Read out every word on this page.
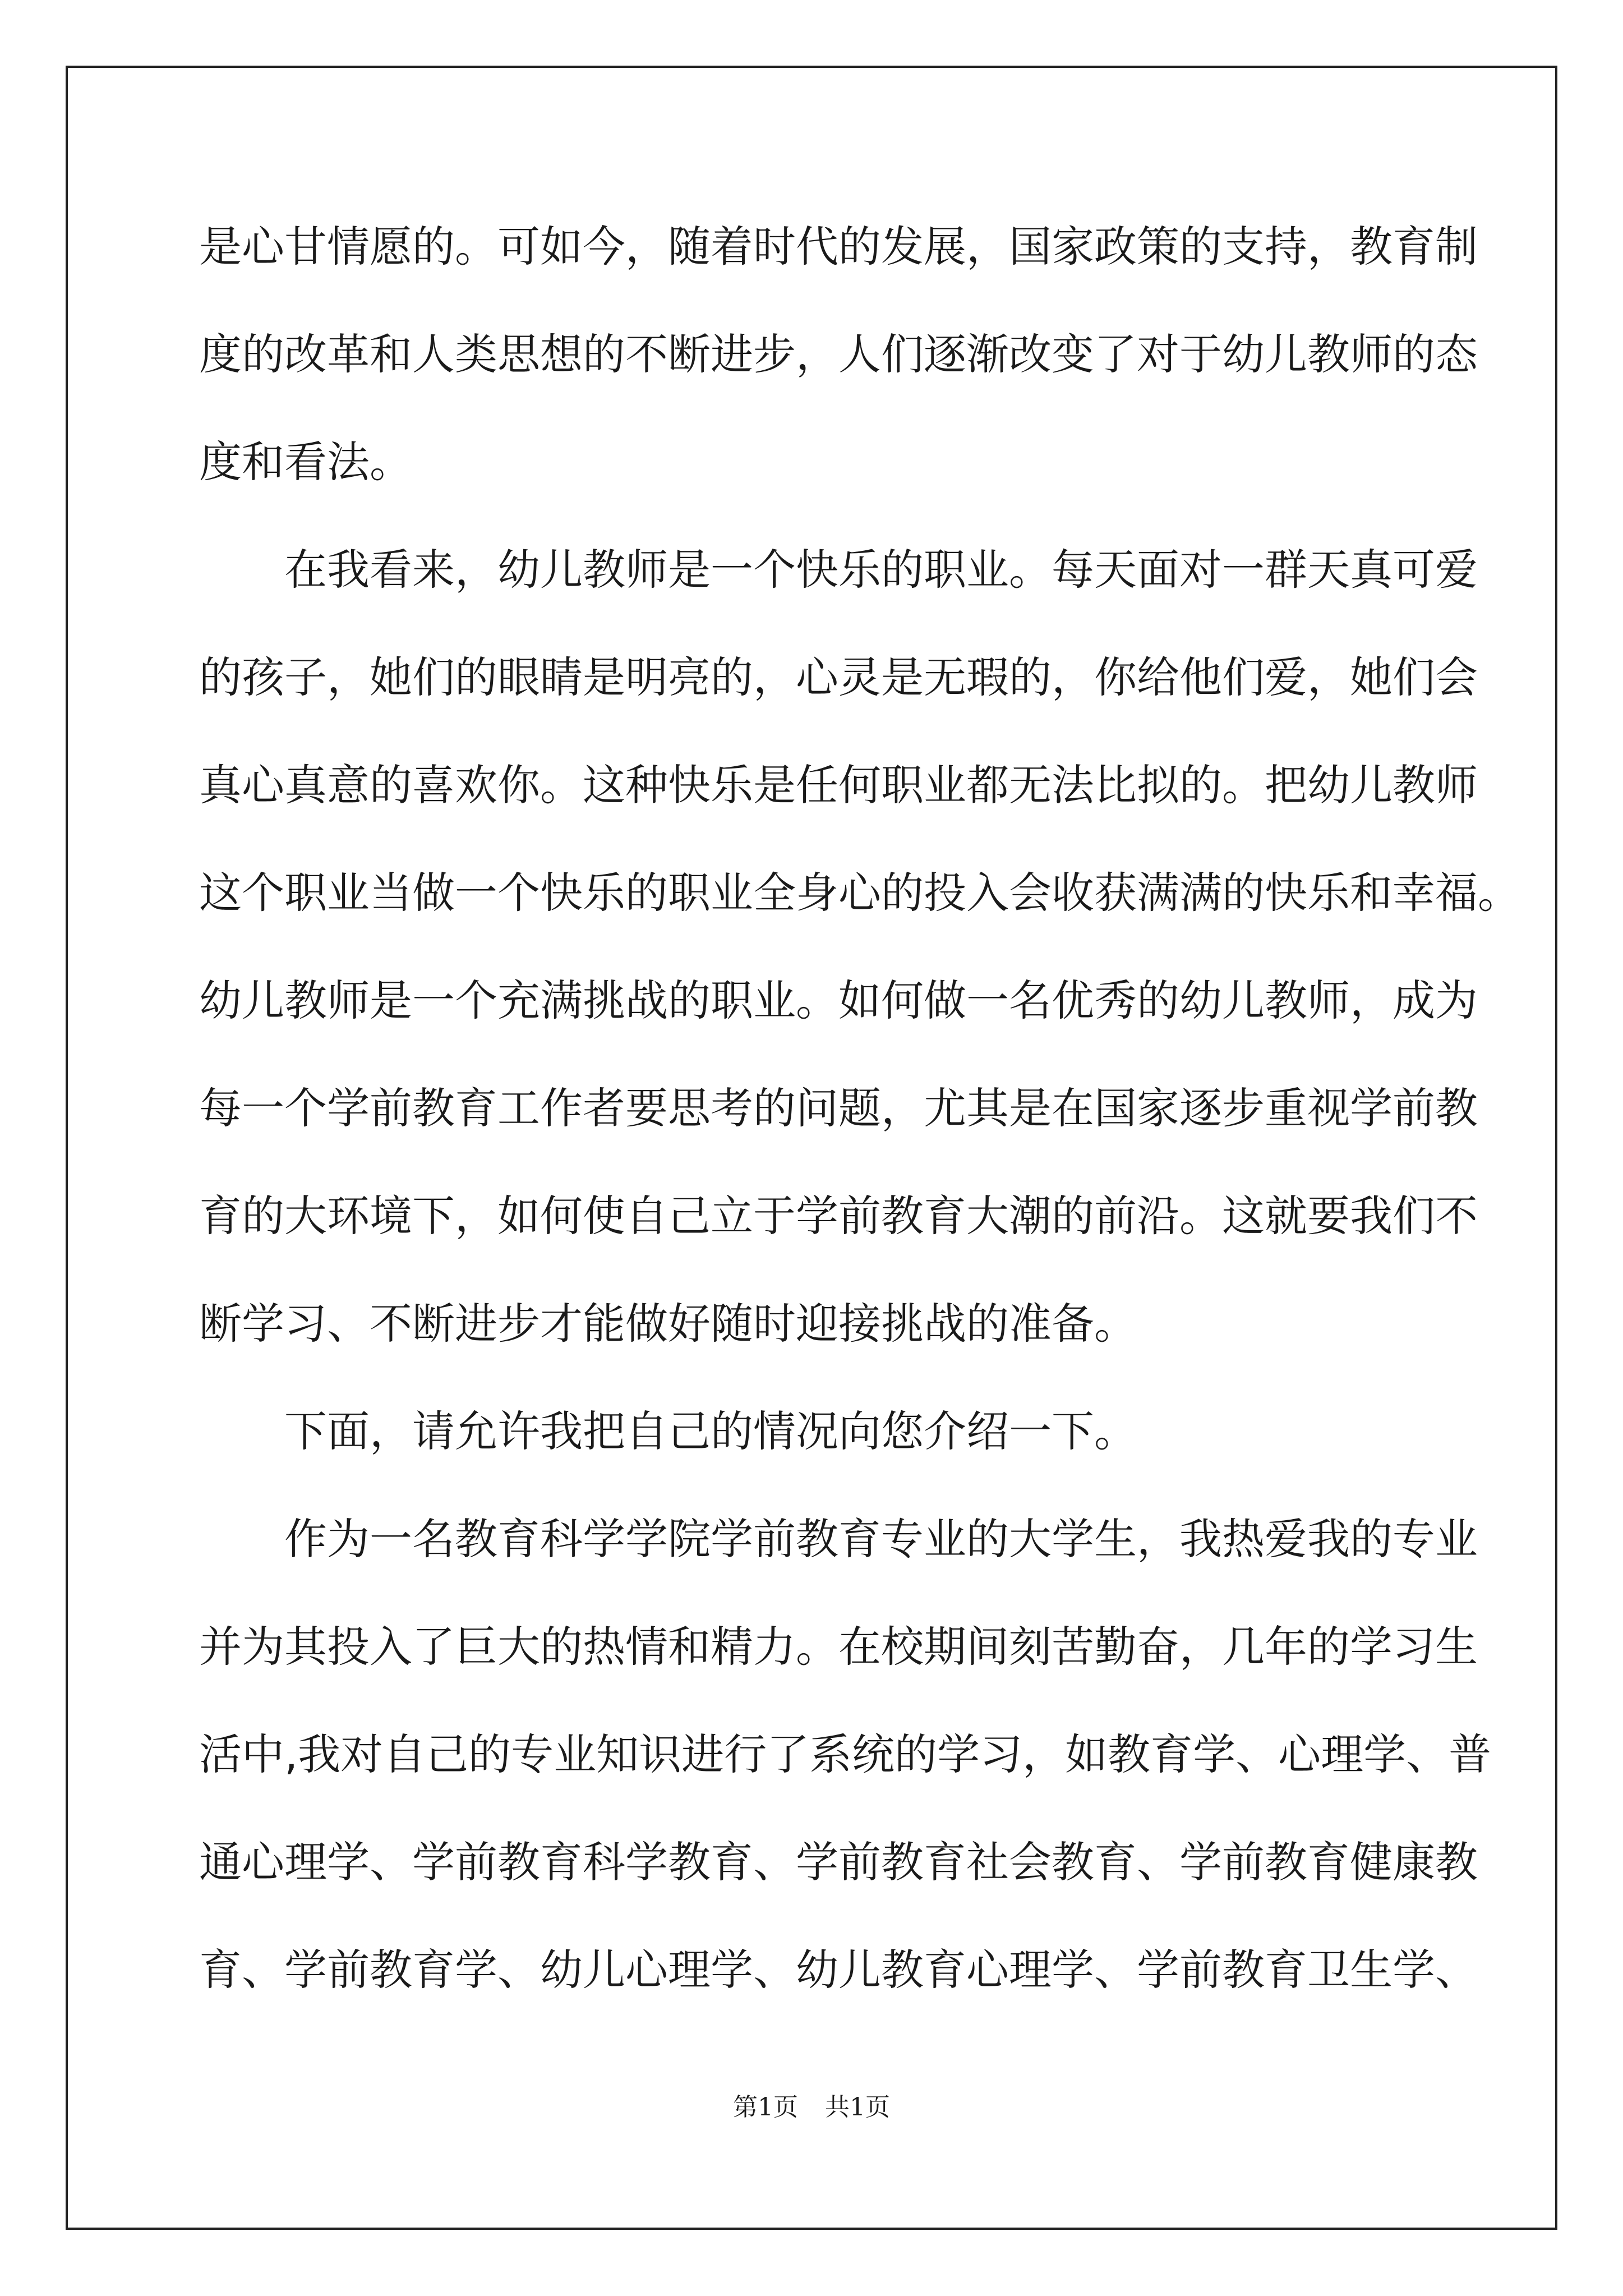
是心甘情愿的。可如今，随着时代的发展，国家政策的支持，教育制
度的改革和人类思想的不断进步，人们逐渐改变了对于幼儿教师的态
度和看法。
在我看来，幼儿教师是一个快乐的职业。每天面对一群天真可爱
的孩子，她们的眼睛是明亮的，心灵是无瑕的，你给他们爱，她们会
真心真意的喜欢你。这种快乐是任何职业都无法比拟的。把幼儿教师
这个职业当做一个快乐的职业全身心的投入会收获满满的快乐和幸福。
幼儿教师是一个充满挑战的职业。如何做一名优秀的幼儿教师，成为
每一个学前教育工作者要思考的问题，尤其是在国家逐步重视学前教
育的大环境下，如何使自己立于学前教育大潮的前沿。这就要我们不
断学习、不断进步才能做好随时迎接挑战的准备。
下面，请允许我把自己的情况向您介绍一下。
作为一名教育科学学院学前教育专业的大学生，我热爱我的专业
并为其投入了巨大的热情和精力。在校期间刻苦勤奋，几年的学习生
活中,我对自己的专业知识进行了系统的学习，如教育学、心理学、普
通心理学、学前教育科学教育、学前教育社会教育、学前教育健康教
育、学前教育学、幼儿心理学、幼儿教育心理学、学前教育卫生学、
第1页 共1页
